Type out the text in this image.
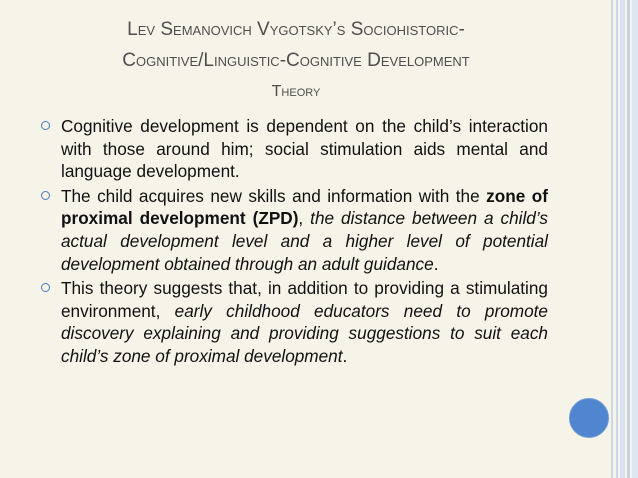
Lev Semanovich Vygotsky’s Sociohistoric-
Cognitive/Linguistic-Cognitive Development
Theory
Cognitive development is dependent on the child’s interaction with those around him; social stimulation aids mental and language development.
The child acquires new skills and information with the zone of proximal development (ZPD), the distance between a child’s actual development level and a higher level of potential development obtained through an adult guidance.
This theory suggests that, in addition to providing a stimulating environment, early childhood educators need to promote discovery explaining and providing suggestions to suit each child’s zone of proximal development.
